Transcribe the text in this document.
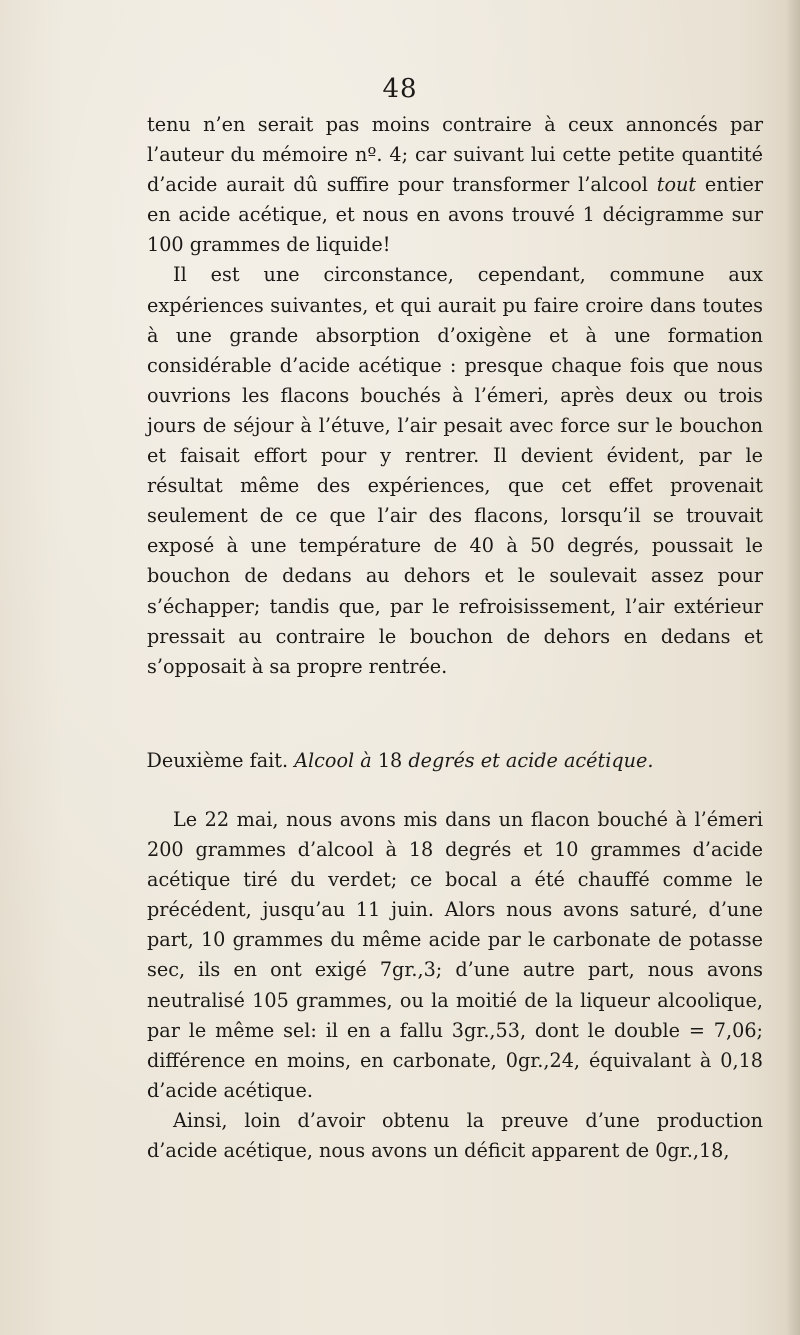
48

tenu n’en serait pas moins contraire à ceux annoncés par l’auteur du mémoire nº. 4; car suivant lui cette petite quantité d’acide aurait dû suffire pour transformer l’alcool tout entier en acide acétique, et nous en avons trouvé 1 décigramme sur 100 grammes de liquide!

Il est une circonstance, cependant, commune aux expériences suivantes, et qui aurait pu faire croire dans toutes à une grande absorption d’oxigène et à une formation considérable d’acide acétique : presque chaque fois que nous ouvrions les flacons bouchés à l’émeri, après deux ou trois jours de séjour à l’étuve, l’air pesait avec force sur le bouchon et faisait effort pour y rentrer. Il devient évident, par le résultat même des expériences, que cet effet provenait seulement de ce que l’air des flacons, lorsqu’il se trouvait exposé à une température de 40 à 50 degrés, poussait le bouchon de dedans au dehors et le soulevait assez pour s’échapper; tandis que, par le refroisissement, l’air extérieur pressait au contraire le bouchon de dehors en dedans et s’opposait à sa propre rentrée.

Deuxième fait. Alcool à 18 degrés et acide acétique.

Le 22 mai, nous avons mis dans un flacon bouché à l’émeri 200 grammes d’alcool à 18 degrés et 10 grammes d’acide acétique tiré du verdet; ce bocal a été chauffé comme le précédent, jusqu’au 11 juin. Alors nous avons saturé, d’une part, 10 grammes du même acide par le carbonate de potasse sec, ils en ont exigé 7gr.,3; d’une autre part, nous avons neutralisé 105 grammes, ou la moitié de la liqueur alcoolique, par le même sel: il en a fallu 3gr.,53, dont le double = 7,06; différence en moins, en carbonate, 0gr.,24, équivalant à 0,18 d’acide acétique.

Ainsi, loin d’avoir obtenu la preuve d’une production d’acide acétique, nous avons un déficit apparent de 0gr.,18,
